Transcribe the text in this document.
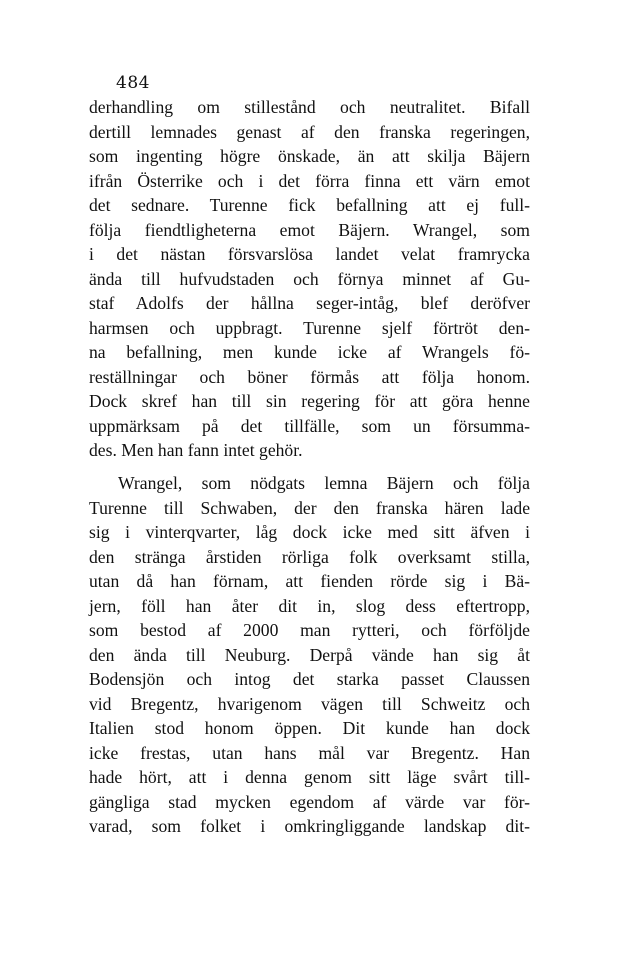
484
derhandling om stillestånd och neutralitet. Bifall
dertill lemnades genast af den franska regeringen,
som ingenting högre önskade, än att skilja Bäjern
ifrån Österrike och i det förra finna ett värn emot
det sednare. Turenne fick befallning att ej full-
följa fiendtligheterna emot Bäjern. Wrangel, som
i det nästan försvarslösa landet velat framrycka
ända till hufvudstaden och förnya minnet af Gu-
staf Adolfs der hållna seger-intåg, blef deröfver
harmsen och uppbragt. Turenne sjelf förtröt den-
na befallning, men kunde icke af Wrangels fö-
reställningar och böner förmås att följa honom.
Dock skref han till sin regering för att göra henne
uppmärksam på det tillfälle, som un försumma-
des. Men han fann intet gehör.
Wrangel, som nödgats lemna Bäjern och följa
Turenne till Schwaben, der den franska hären lade
sig i vinterqvarter, låg dock icke med sitt äfven i
den stränga årstiden rörliga folk overksamt stilla,
utan då han förnam, att fienden rörde sig i Bä-
jern, föll han åter dit in, slog dess eftertropp,
som bestod af 2000 man rytteri, och förföljde
den ända till Neuburg. Derpå vände han sig åt
Bodensjön och intog det starka passet Claussen
vid Bregentz, hvarigenom vägen till Schweitz och
Italien stod honom öppen. Dit kunde han dock
icke frestas, utan hans mål var Bregentz. Han
hade hört, att i denna genom sitt läge svårt till-
gängliga stad mycken egendom af värde var för-
varad, som folket i omkringliggande landskap dit-
